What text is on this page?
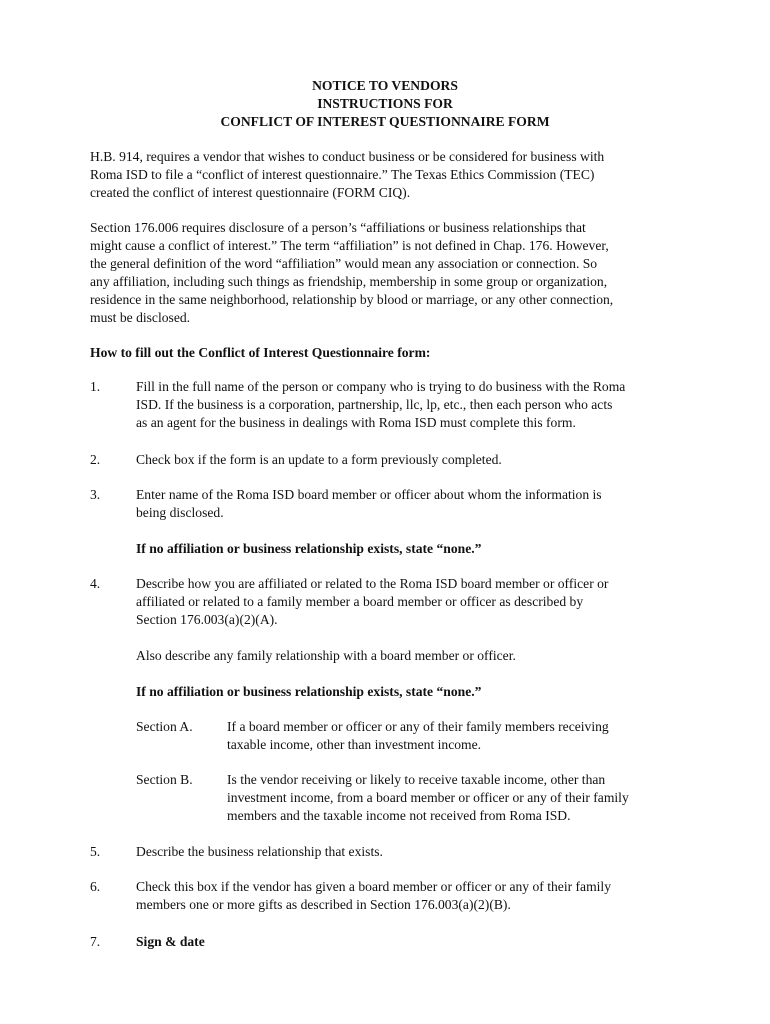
NOTICE TO VENDORS
INSTRUCTIONS FOR
CONFLICT OF INTEREST QUESTIONNAIRE FORM
H.B. 914, requires a vendor that wishes to conduct business or be considered for business with
Roma ISD to file a “conflict of interest questionnaire.” The Texas Ethics Commission (TEC)
created the conflict of interest questionnaire (FORM CIQ).
Section 176.006 requires disclosure of a person’s “affiliations or business relationships that
might cause a conflict of interest.” The term “affiliation” is not defined in Chap. 176. However,
the general definition of the word “affiliation” would mean any association or connection. So
any affiliation, including such things as friendship, membership in some group or organization,
residence in the same neighborhood, relationship by blood or marriage, or any other connection,
must be disclosed.
How to fill out the Conflict of Interest Questionnaire form:
1.	Fill in the full name of the person or company who is trying to do business with the Roma
ISD. If the business is a corporation, partnership, llc, lp, etc., then each person who acts
as an agent for the business in dealings with Roma ISD must complete this form.
2.	Check box if the form is an update to a form previously completed.
3.	Enter name of the Roma ISD board member or officer about whom the information is
being disclosed.
If no affiliation or business relationship exists, state “none.”
4.	Describe how you are affiliated or related to the Roma ISD board member or officer or
affiliated or related to a family member a board member or officer as described by
Section 176.003(a)(2)(A).
Also describe any family relationship with a board member or officer.
If no affiliation or business relationship exists, state “none.”
Section A.	If a board member or officer or any of their family members receiving
taxable income, other than investment income.
Section B.	Is the vendor receiving or likely to receive taxable income, other than
investment income, from a board member or officer or any of their family
members and the taxable income not received from Roma ISD.
5.	Describe the business relationship that exists.
6.	Check this box if the vendor has given a board member or officer or any of their family
members one or more gifts as described in Section 176.003(a)(2)(B).
7.	Sign & date
